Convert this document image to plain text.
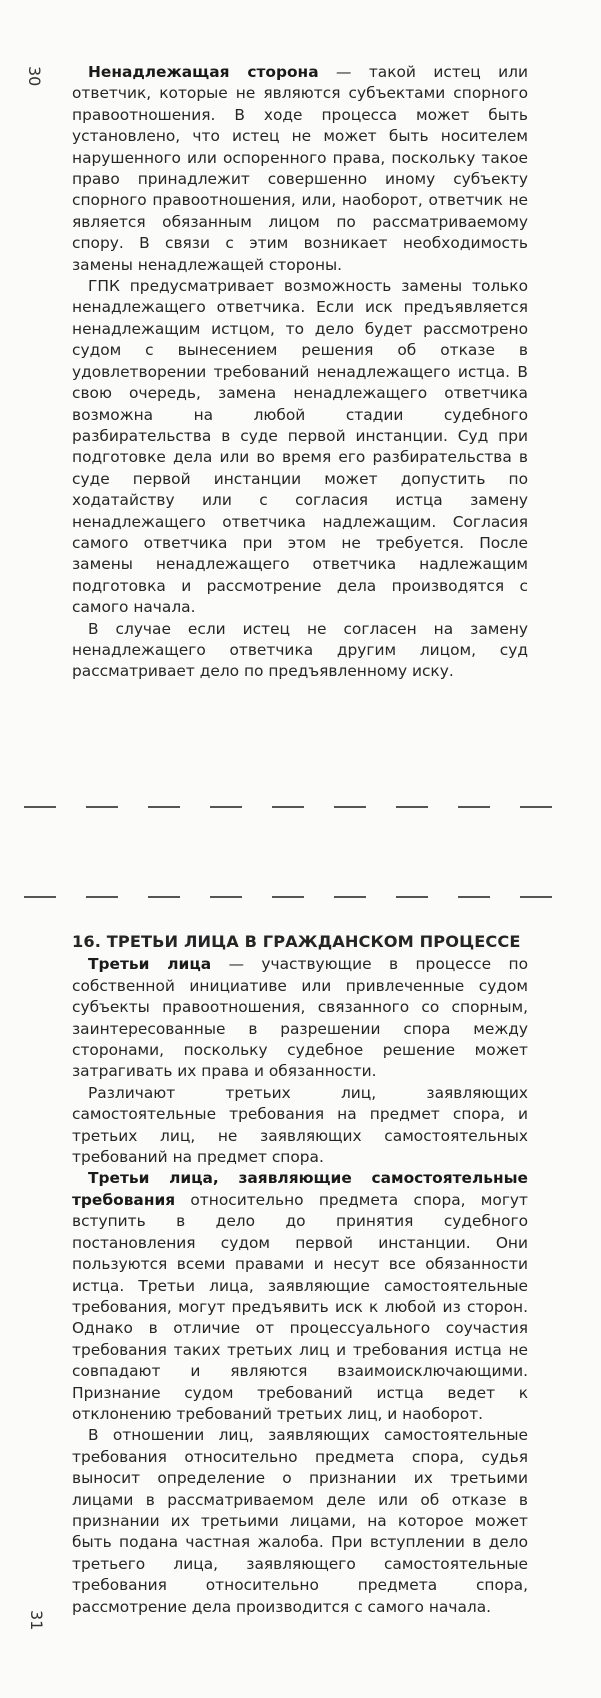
30	Ненадлежащая сторона — такой истец или ответчик, которые не являются субъектами спорного правоотношения. В ходе процесса может быть установлено, что истец не может быть носителем нарушенного или оспоренного права, поскольку такое право принадлежит совершенно иному субъекту спорного правоотношения, или, наоборот, ответчик не является обязанным лицом по рассматриваемому спору. В связи с этим возникает необходимость замены ненадлежащей стороны.

ГПК предусматривает возможность замены только ненадлежащего ответчика. Если иск предъявляется ненадлежащим истцом, то дело будет рассмотрено судом с вынесением решения об отказе в удовлетворении требований ненадлежащего истца. В свою очередь, замена ненадлежащего ответчика возможна на любой стадии судебного разбирательства в суде первой инстанции. Суд при подготовке дела или во время его разбирательства в суде первой инстанции может допустить по ходатайству или с согласия истца замену ненадлежащего ответчика надлежащим. Согласия самого ответчика при этом не требуется. После замены ненадлежащего ответчика надлежащим подготовка и рассмотрение дела производятся с самого начала.

В случае если истец не согласен на замену ненадлежащего ответчика другим лицом, суд рассматривает дело по предъявленному иску.

16. ТРЕТЬИ ЛИЦА В ГРАЖДАНСКОМ ПРОЦЕССЕ

Третьи лица — участвующие в процессе по собственной инициативе или привлеченные судом субъекты правоотношения, связанного со спорным, заинтересованные в разрешении спора между сторонами, поскольку судебное решение может затрагивать их права и обязанности.

Различают третьих лиц, заявляющих самостоятельные требования на предмет спора, и третьих лиц, не заявляющих самостоятельных требований на предмет спора.

Третьи лица, заявляющие самостоятельные требования относительно предмета спора, могут вступить в дело до принятия судебного постановления судом первой инстанции. Они пользуются всеми правами и несут все обязанности истца. Третьи лица, заявляющие самостоятельные требования, могут предъявить иск к любой из сторон. Однако в отличие от процессуального соучастия требования таких третьих лиц и требования истца не совпадают и являются взаимоисключающими. Признание судом требований истца ведет к отклонению требований третьих лиц, и наоборот.

В отношении лиц, заявляющих самостоятельные требования относительно предмета спора, судья выносит определение о признании их третьими лицами в рассматриваемом деле или об отказе в признании их третьими лицами, на которое может быть подана частная жалоба. При вступлении в дело третьего лица, заявляющего самостоятельные требования относительно предмета спора, рассмотрение дела производится с самого начала.

31
